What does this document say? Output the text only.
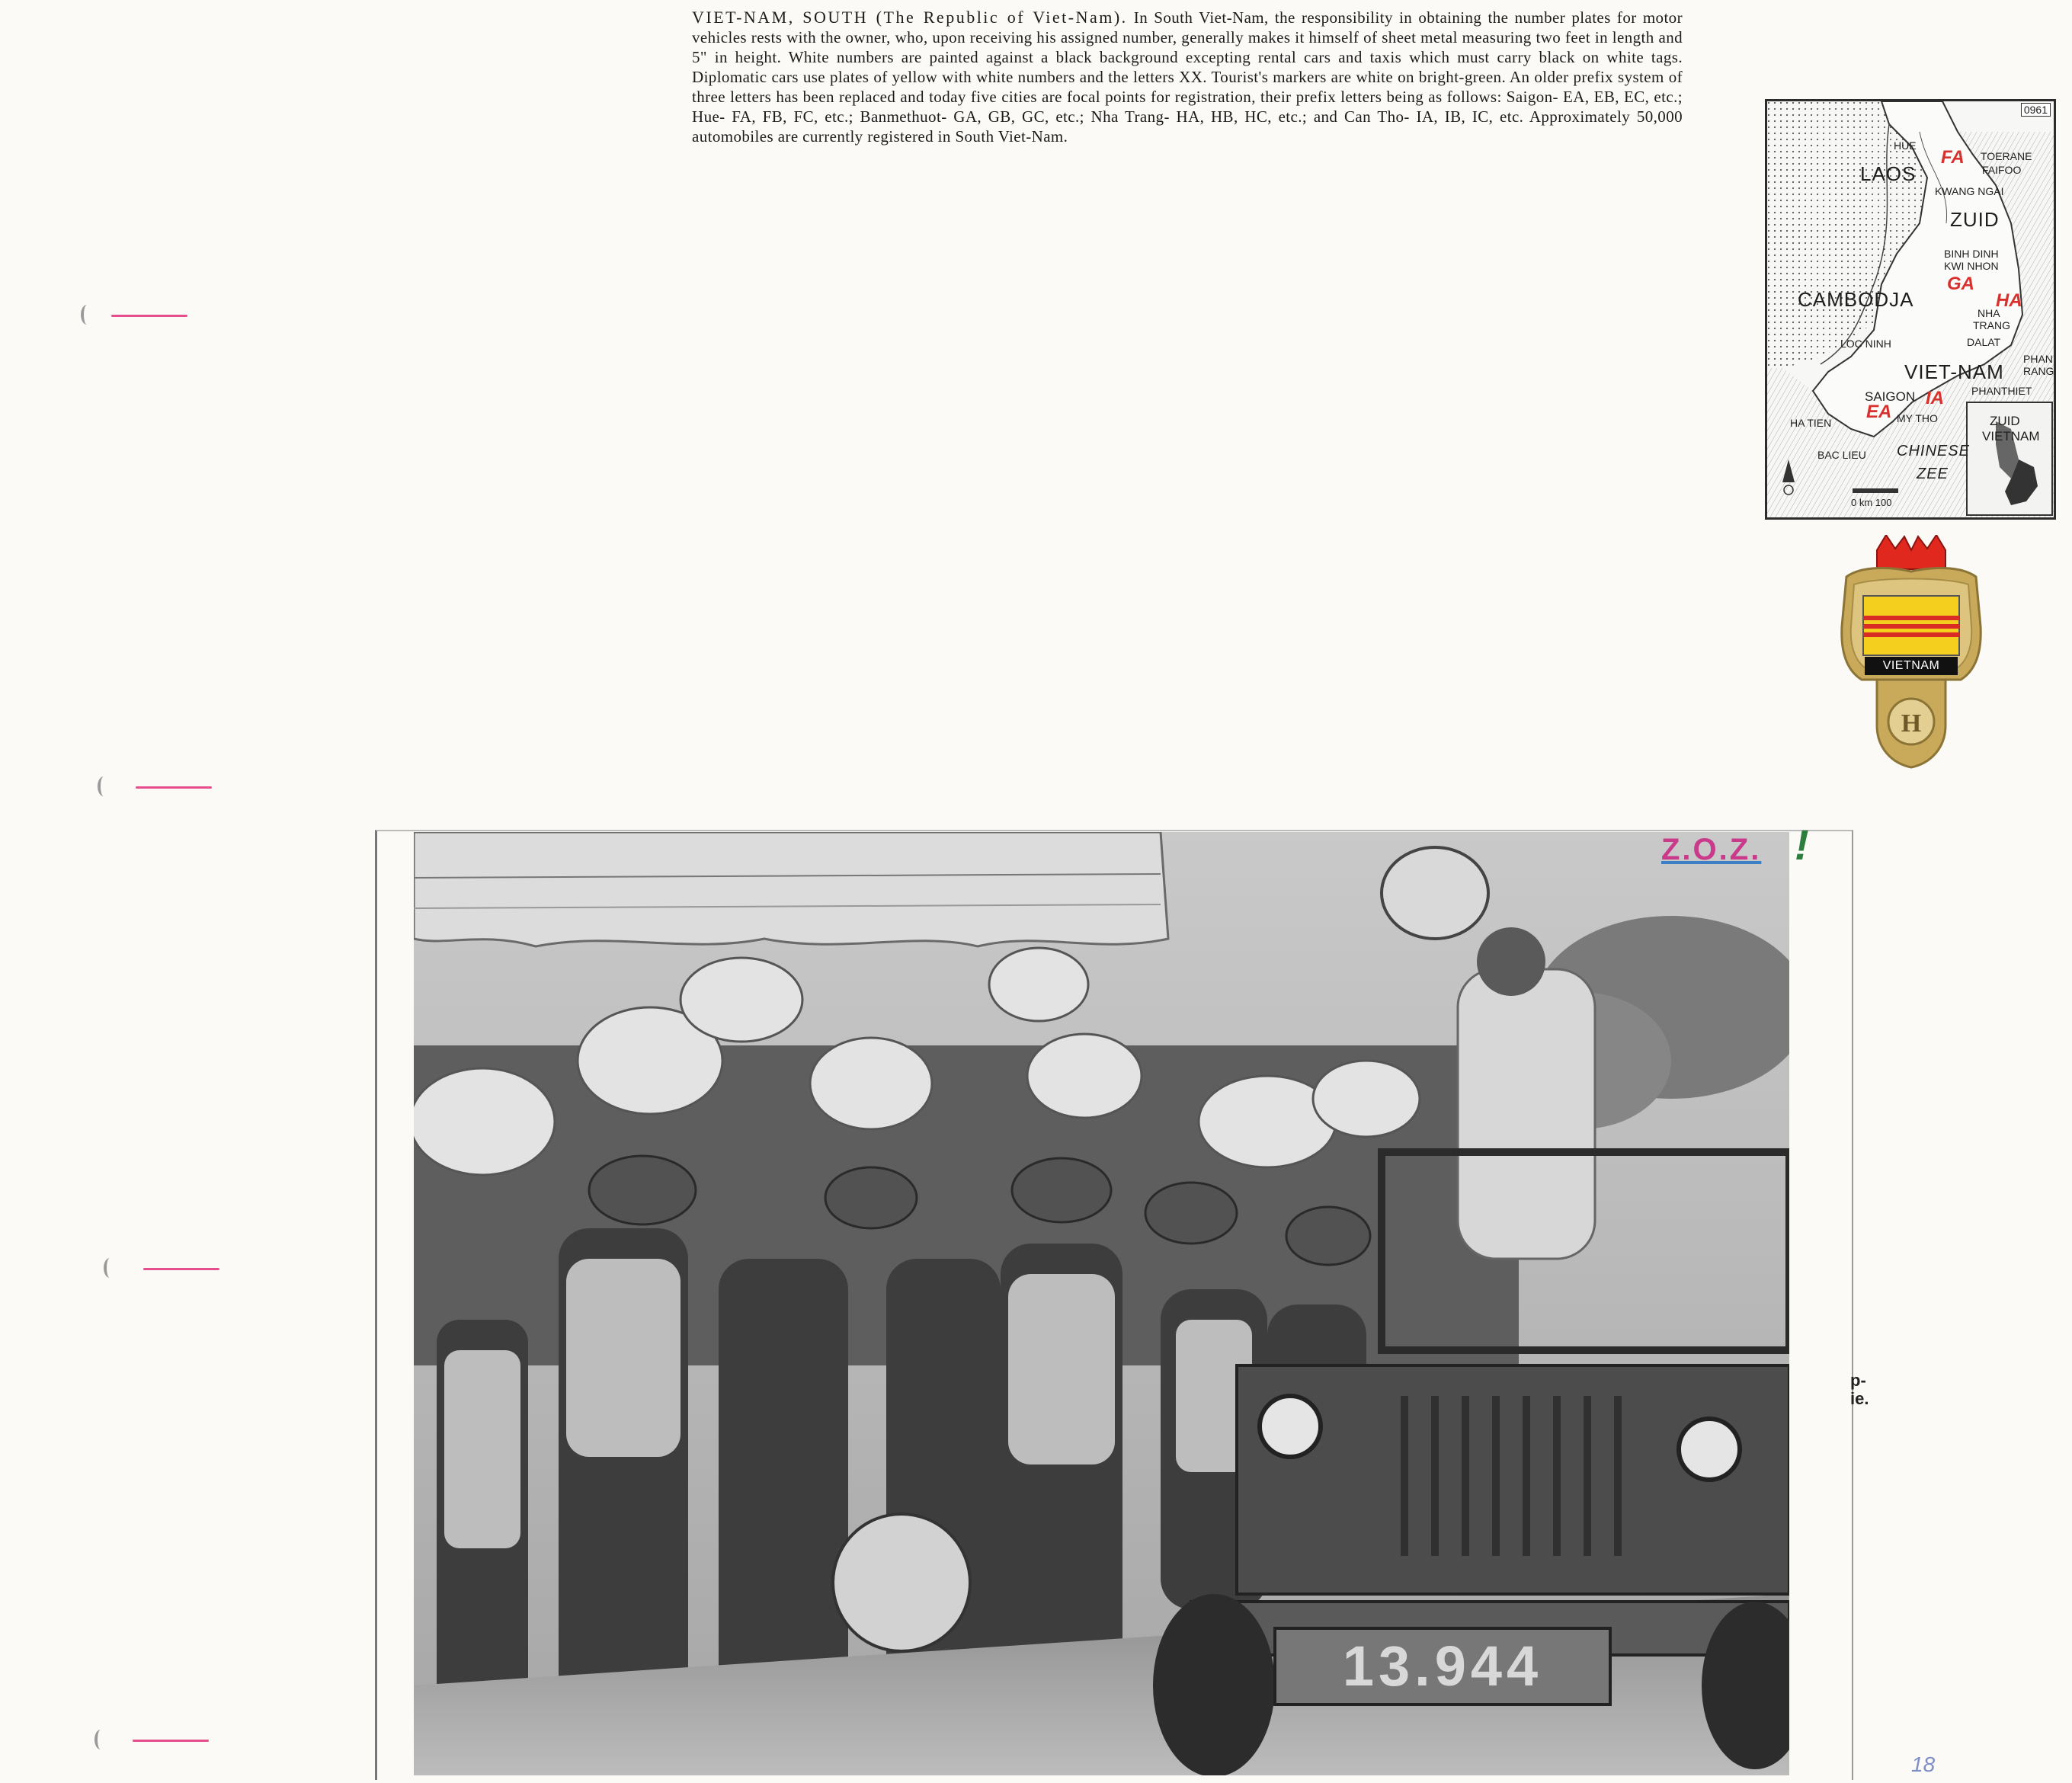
VIET-NAM, SOUTH (The Republic of Viet-Nam). In South Viet-Nam, the responsibility in obtaining the number plates for motor vehicles rests with the owner, who, upon receiving his assigned number, generally makes it himself of sheet metal measuring two feet in length and 5" in height. White numbers are painted against a black background excepting rental cars and taxis which must carry black on white tags. Diplomatic cars use plates of yellow with white numbers and the letters XX. Tourist's markers are white on bright-green. An older prefix system of three letters has been replaced and today five cities are focal points for registration, their prefix letters being as follows: Saigon- EA, EB, EC, etc.; Hue- FA, FB, FC, etc.; Banmethuot- GA, GB, GC, etc.; Nha Trang- HA, HB, HC, etc.; and Can Tho- IA, IB, IC, etc. Approximately 50,000 automobiles are currently registered in South Viet-Nam.
0961
LAOS
CAMBODJA
ZUID
VIET-NAM
ZUID
VIETNAM
CHINESE
ZEE
HUE
TOERANE
FAIFOO
KWANG NGAI
BINH DINH
KWI NHON
NHA
TRANG
DALAT
LOC NINH
PHAN
RANG
PHANTHIET
SAIGON
MY THO
HA TIEN
BAC LIEU
FA
GA
HA
EA
IA
0 km 100
H
VIETNAM
13.944
Z.O.Z. !
p-
ie.
18
